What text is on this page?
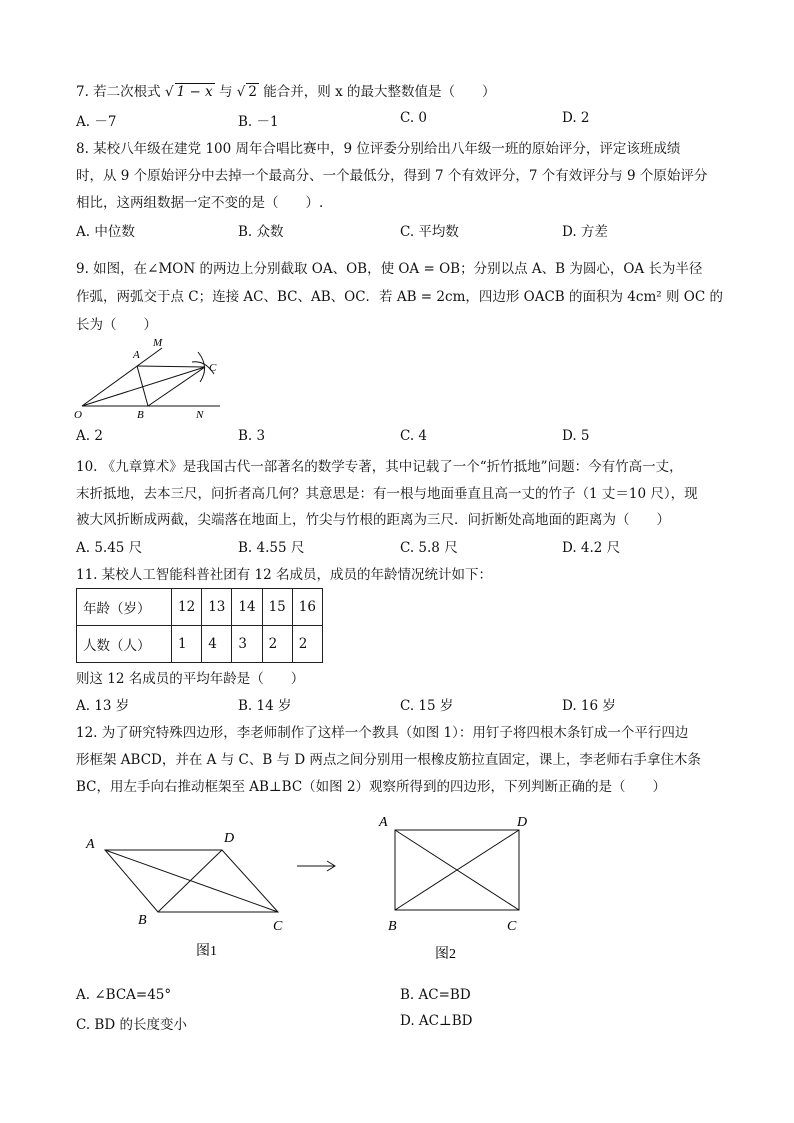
7. 若二次根式 √ 1 − x 与 √ 2 能合并，则 x 的最大整数值是（　　）
A. －7	B. －1	C. 0	D. 2
8. 某校八年级在建党 100 周年合唱比赛中，9 位评委分别给出八年级一班的原始评分，评定该班成绩
时，从 9 个原始评分中去掉一个最高分、一个最低分，得到 7 个有效评分，7 个有效评分与 9 个原始评分
相比，这两组数据一定不变的是（　　）.
A. 中位数	B. 众数	C. 平均数	D. 方差
9. 如图，在∠MON 的两边上分别截取 OA、OB，使 OA = OB；分别以点 A、B 为圆心，OA 长为半径
作弧，两弧交于点 C；连接 AC、BC、AB、OC．若 AB = 2cm，四边形 OACB 的面积为 4cm² 则 OC 的
长为（　　）
M
A
C
O	B	N
A. 2	B. 3	C. 4	D. 5
10. 《九章算术》是我国古代一部著名的数学专著，其中记载了一个“折竹抵地”问题：今有竹高一丈，
末折抵地，去本三尺，问折者高几何？其意思是：有一根与地面垂直且高一丈的竹子（1 丈＝10 尺），现
被大风折断成两截，尖端落在地面上，竹尖与竹根的距离为三尺．问折断处高地面的距离为（　　）
A. 5.45 尺	B. 4.55 尺	C. 5.8 尺	D. 4.2 尺
11. 某校人工智能科普社团有 12 名成员，成员的年龄情况统计如下：
年龄（岁）	12	13	14	15	16
人数（人）	1	4	3	2	2
则这 12 名成员的平均年龄是（　　）
A. 13 岁	B. 14 岁	C. 15 岁	D. 16 岁
12. 为了研究特殊四边形，李老师制作了这样一个教具（如图 1）：用钉子将四根木条钉成一个平行四边
形框架 ABCD，并在 A 与 C、B 与 D 两点之间分别用一根橡皮筋拉直固定，课上，李老师右手拿住木条
BC，用左手向右推动框架至 AB⊥BC（如图 2）观察所得到的四边形，下列判断正确的是（　　）
A	D
B	C
图1
A	D
B	C
图2
A. ∠BCA=45°	B. AC=BD
C. BD 的长度变小	D. AC⊥BD
